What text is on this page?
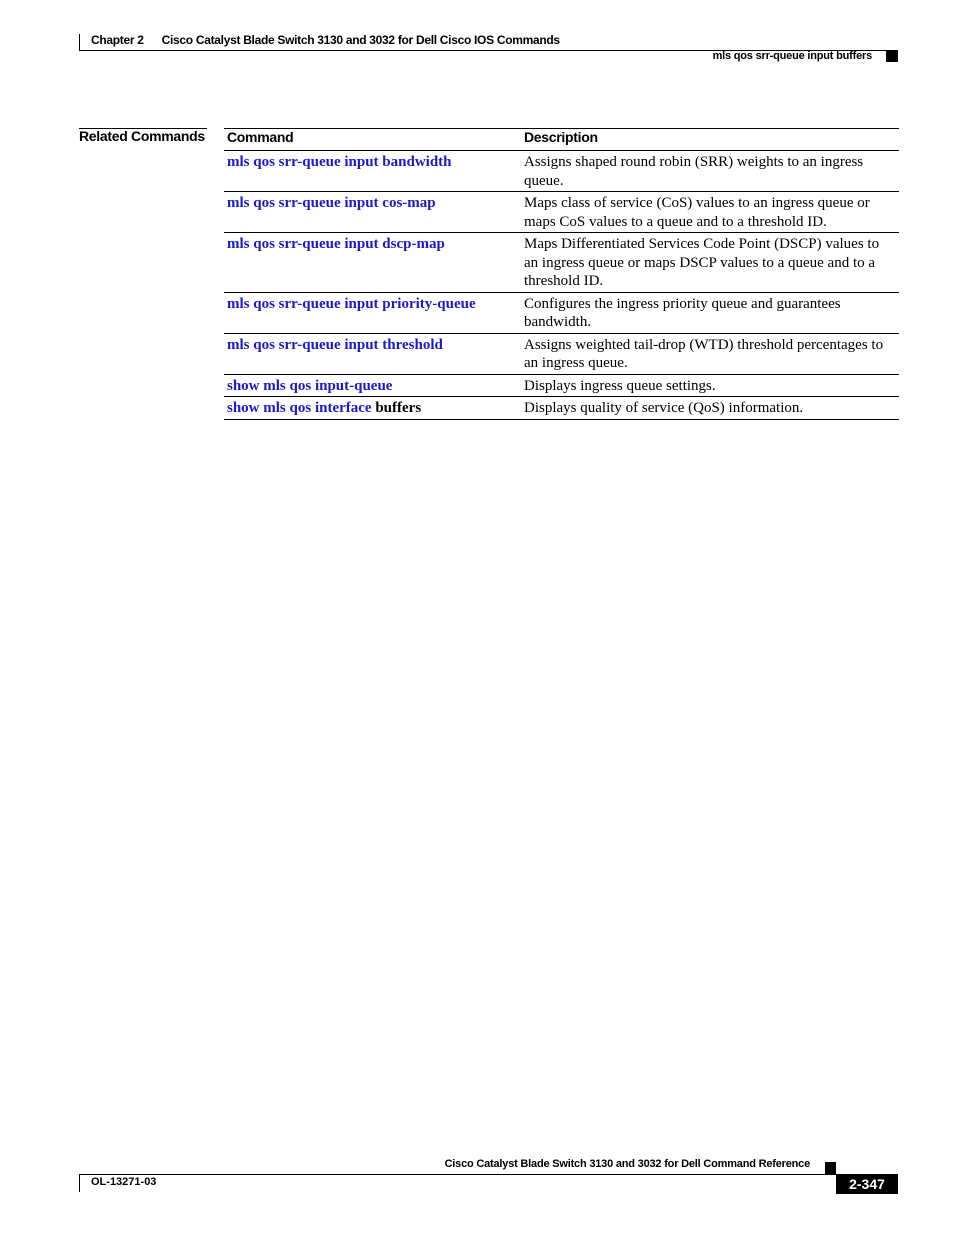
Chapter 2 Cisco Catalyst Blade Switch 3130 and 3032 for Dell Cisco IOS Commands
mls qos srr-queue input buffers
Related Commands Command	Description
mls qos srr-queue input bandwidth	Assigns shaped round robin (SRR) weights to an ingress queue.
mls qos srr-queue input cos-map	Maps class of service (CoS) values to an ingress queue or maps CoS values to a queue and to a threshold ID.
mls qos srr-queue input dscp-map	Maps Differentiated Services Code Point (DSCP) values to an ingress queue or maps DSCP values to a queue and to a threshold ID.
mls qos srr-queue input priority-queue	Configures the ingress priority queue and guarantees bandwidth.
mls qos srr-queue input threshold	Assigns weighted tail-drop (WTD) threshold percentages to an ingress queue.
show mls qos input-queue	Displays ingress queue settings.
show mls qos interface buffers	Displays quality of service (QoS) information.
Cisco Catalyst Blade Switch 3130 and 3032 for Dell Command Reference
OL-13271-03	2-347
